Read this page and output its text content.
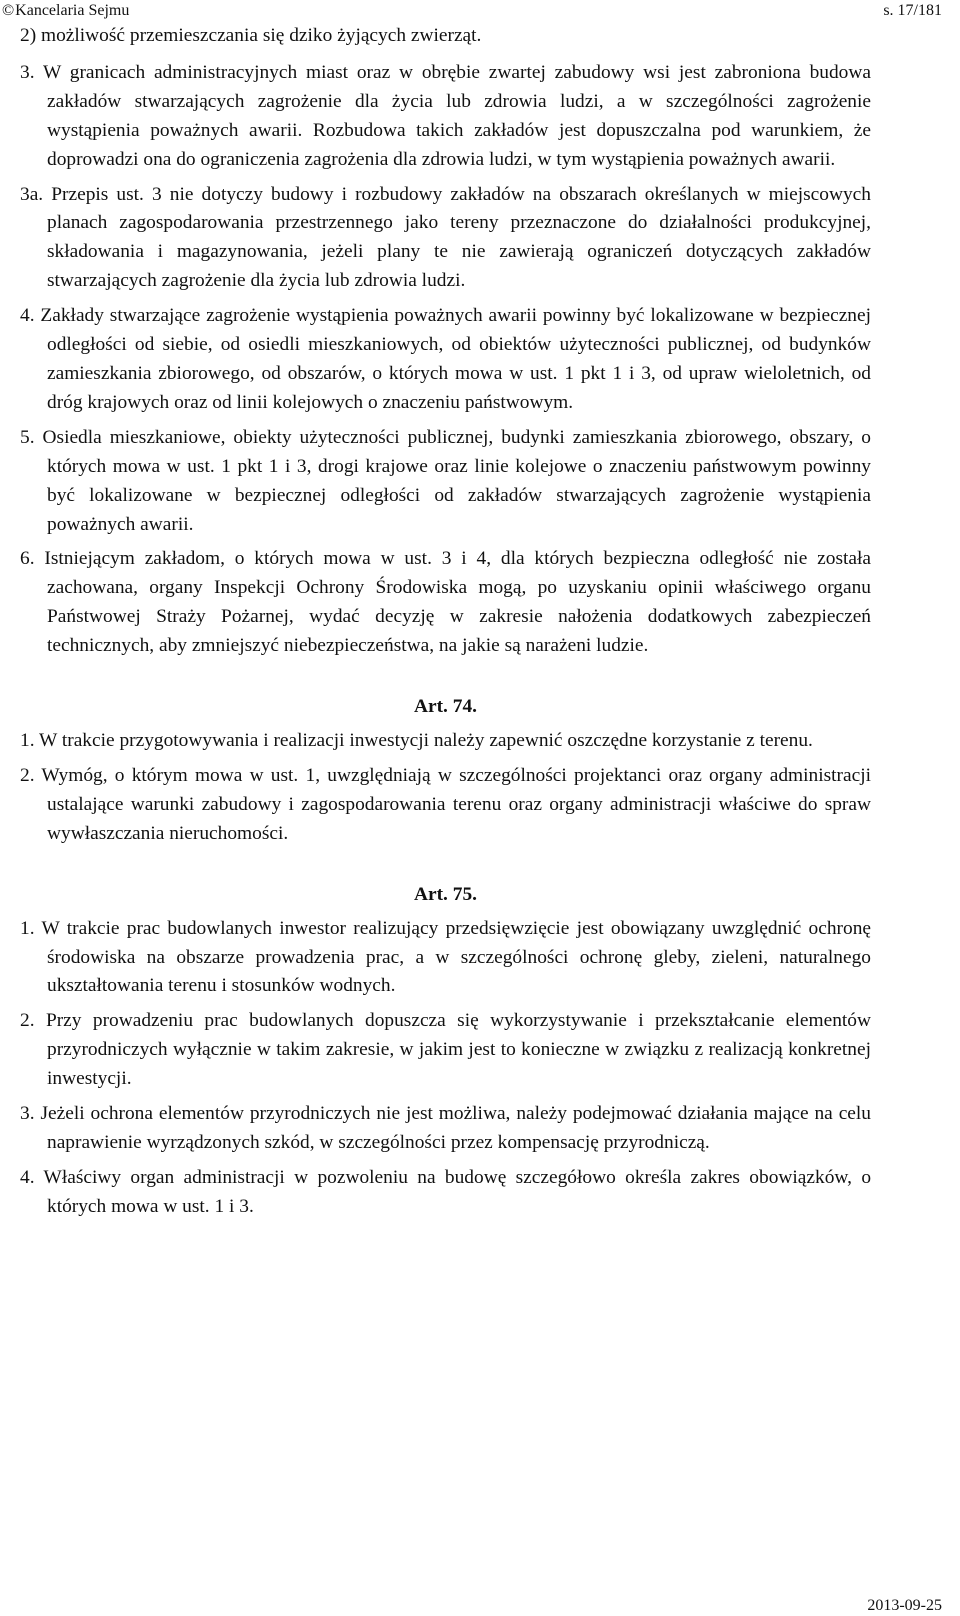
©Kancelaria Sejmu	s. 17/181
2) możliwość przemieszczania się dziko żyjących zwierząt.
3. W granicach administracyjnych miast oraz w obrębie zwartej zabudowy wsi jest zabroniona budowa zakładów stwarzających zagrożenie dla życia lub zdrowia ludzi, a w szczególności zagrożenie wystąpienia poważnych awarii. Rozbudowa takich zakładów jest dopuszczalna pod warunkiem, że doprowadzi ona do ograniczenia zagrożenia dla zdrowia ludzi, w tym wystąpienia poważnych awarii.
3a. Przepis ust. 3 nie dotyczy budowy i rozbudowy zakładów na obszarach określanych w miejscowych planach zagospodarowania przestrzennego jako tereny przeznaczone do działalności produkcyjnej, składowania i magazynowania, jeżeli plany te nie zawierają ograniczeń dotyczących zakładów stwarzających zagrożenie dla życia lub zdrowia ludzi.
4. Zakłady stwarzające zagrożenie wystąpienia poważnych awarii powinny być lokalizowane w bezpiecznej odległości od siebie, od osiedli mieszkaniowych, od obiektów użyteczności publicznej, od budynków zamieszkania zbiorowego, od obszarów, o których mowa w ust. 1 pkt 1 i 3, od upraw wieloletnich, od dróg krajowych oraz od linii kolejowych o znaczeniu państwowym.
5. Osiedla mieszkaniowe, obiekty użyteczności publicznej, budynki zamieszkania zbiorowego, obszary, o których mowa w ust. 1 pkt 1 i 3, drogi krajowe oraz linie kolejowe o znaczeniu państwowym powinny być lokalizowane w bezpiecznej odległości od zakładów stwarzających zagrożenie wystąpienia poważnych awarii.
6. Istniejącym zakładom, o których mowa w ust. 3 i 4, dla których bezpieczna odległość nie została zachowana, organy Inspekcji Ochrony Środowiska mogą, po uzyskaniu opinii właściwego organu Państwowej Straży Pożarnej, wydać decyzję w zakresie nałożenia dodatkowych zabezpieczeń technicznych, aby zmniejszyć niebezpieczeństwa, na jakie są narażeni ludzie.
Art. 74.
1. W trakcie przygotowywania i realizacji inwestycji należy zapewnić oszczędne korzystanie z terenu.
2. Wymóg, o którym mowa w ust. 1, uwzględniają w szczególności projektanci oraz organy administracji ustalające warunki zabudowy i zagospodarowania terenu oraz organy administracji właściwe do spraw wywłaszczania nieruchomości.
Art. 75.
1. W trakcie prac budowlanych inwestor realizujący przedsięwzięcie jest obowiązany uwzględnić ochronę środowiska na obszarze prowadzenia prac, a w szczególności ochronę gleby, zieleni, naturalnego ukształtowania terenu i stosunków wodnych.
2. Przy prowadzeniu prac budowlanych dopuszcza się wykorzystywanie i przekształcanie elementów przyrodniczych wyłącznie w takim zakresie, w jakim jest to konieczne w związku z realizacją konkretnej inwestycji.
3. Jeżeli ochrona elementów przyrodniczych nie jest możliwa, należy podejmować działania mające na celu naprawienie wyrządzonych szkód, w szczególności przez kompensację przyrodniczą.
4. Właściwy organ administracji w pozwoleniu na budowę szczegółowo określa zakres obowiązków, o których mowa w ust. 1 i 3.
2013-09-25
